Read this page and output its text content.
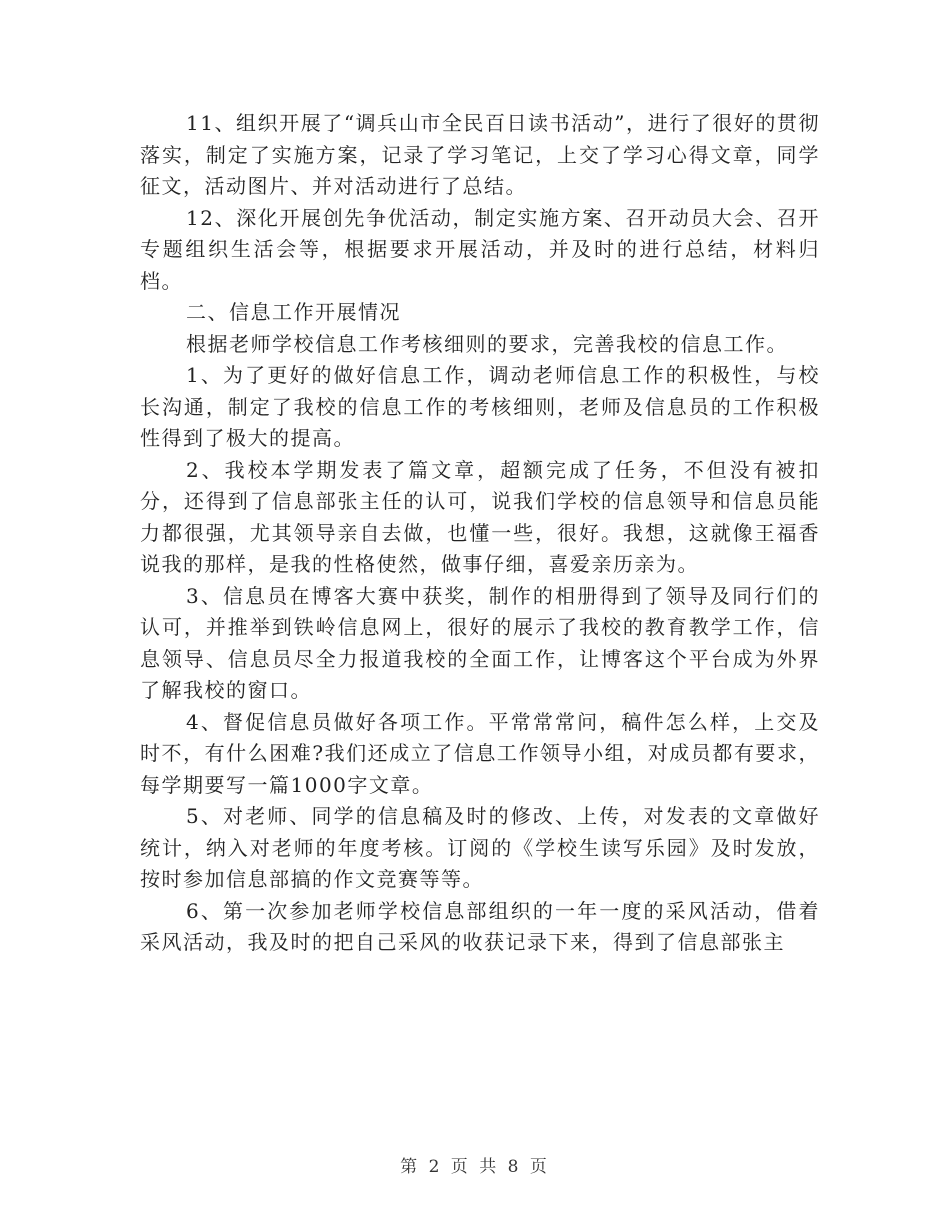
11、组织开展了“调兵山市全民百日读书活动”，进行了很好的贯彻落实，制定了实施方案，记录了学习笔记，上交了学习心得文章，同学征文，活动图片、并对活动进行了总结。

12、深化开展创先争优活动，制定实施方案、召开动员大会、召开专题组织生活会等，根据要求开展活动，并及时的进行总结，材料归档。

二、信息工作开展情况

根据老师学校信息工作考核细则的要求，完善我校的信息工作。

1、为了更好的做好信息工作，调动老师信息工作的积极性，与校长沟通，制定了我校的信息工作的考核细则，老师及信息员的工作积极性得到了极大的提高。

2、我校本学期发表了篇文章，超额完成了任务，不但没有被扣分，还得到了信息部张主任的认可，说我们学校的信息领导和信息员能力都很强，尤其领导亲自去做，也懂一些，很好。我想，这就像王福香说我的那样，是我的性格使然，做事仔细，喜爱亲历亲为。

3、信息员在博客大赛中获奖，制作的相册得到了领导及同行们的认可，并推举到铁岭信息网上，很好的展示了我校的教育教学工作，信息领导、信息员尽全力报道我校的全面工作，让博客这个平台成为外界了解我校的窗口。

4、督促信息员做好各项工作。平常常常问，稿件怎么样，上交及时不，有什么困难?我们还成立了信息工作领导小组，对成员都有要求，每学期要写一篇1000字文章。

5、对老师、同学的信息稿及时的修改、上传，对发表的文章做好统计，纳入对老师的年度考核。订阅的《学校生读写乐园》及时发放，按时参加信息部搞的作文竞赛等等。

6、第一次参加老师学校信息部组织的一年一度的采风活动，借着采风活动，我及时的把自己采风的收获记录下来，得到了信息部张主

第 2 页 共 8 页
